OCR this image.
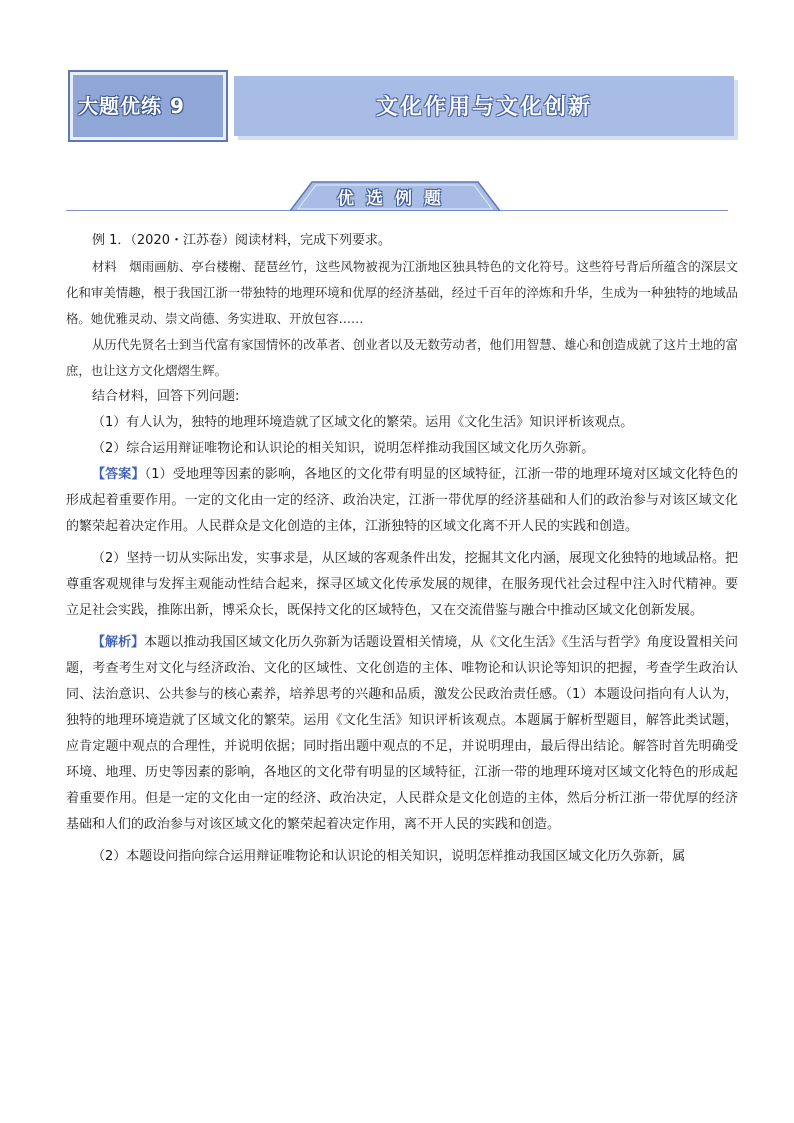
大题优练 9	文化作用与文化创新
优选例题

例 1．（2020・江苏卷）阅读材料，完成下列要求。

材料　烟雨画舫、亭台楼榭、琵琶丝竹，这些风物被视为江浙地区独具特色的文化符号。这些符号背后所蕴含的深层文化和审美情趣，根于我国江浙一带独特的地理环境和优厚的经济基础，经过千百年的淬炼和升华，生成为一种独特的地域品格。她优雅灵动、崇文尚德、务实进取、开放包容……

从历代先贤名士到当代富有家国情怀的改革者、创业者以及无数劳动者，他们用智慧、雄心和创造成就了这片土地的富庶，也让这方文化熠熠生辉。

结合材料，回答下列问题:

（1）有人认为，独特的地理环境造就了区域文化的繁荣。运用《文化生活》知识评析该观点。

（2）综合运用辩证唯物论和认识论的相关知识，说明怎样推动我国区域文化历久弥新。

【答案】（1）受地理等因素的影响，各地区的文化带有明显的区域特征，江浙一带的地理环境对区域文化特色的形成起着重要作用。一定的文化由一定的经济、政治决定，江浙一带优厚的经济基础和人们的政治参与对该区域文化的繁荣起着决定作用。人民群众是文化创造的主体，江浙独特的区域文化离不开人民的实践和创造。

（2）坚持一切从实际出发，实事求是，从区域的客观条件出发，挖掘其文化内涵，展现文化独特的地域品格。把尊重客观规律与发挥主观能动性结合起来，探寻区域文化传承发展的规律，在服务现代社会过程中注入时代精神。要立足社会实践，推陈出新，博采众长，既保持文化的区域特色，又在交流借鉴与融合中推动区域文化创新发展。

【解析】本题以推动我国区域文化历久弥新为话题设置相关情境，从《文化生活》《生活与哲学》角度设置相关问题，考查考生对文化与经济政治、文化的区域性、文化创造的主体、唯物论和认识论等知识的把握，考查学生政治认同、法治意识、公共参与的核心素养，培养思考的兴趣和品质，激发公民政治责任感。（1）本题设问指向有人认为，独特的地理环境造就了区域文化的繁荣。运用《文化生活》知识评析该观点。本题属于解析型题目，解答此类试题，应肯定题中观点的合理性，并说明依据；同时指出题中观点的不足，并说明理由，最后得出结论。解答时首先明确受环境、地理、历史等因素的影响，各地区的文化带有明显的区域特征，江浙一带的地理环境对区域文化特色的形成起着重要作用。但是一定的文化由一定的经济、政治决定，人民群众是文化创造的主体，然后分析江浙一带优厚的经济基础和人们的政治参与对该区域文化的繁荣起着决定作用，离不开人民的实践和创造。

（2）本题设问指向综合运用辩证唯物论和认识论的相关知识，说明怎样推动我国区域文化历久弥新，属
